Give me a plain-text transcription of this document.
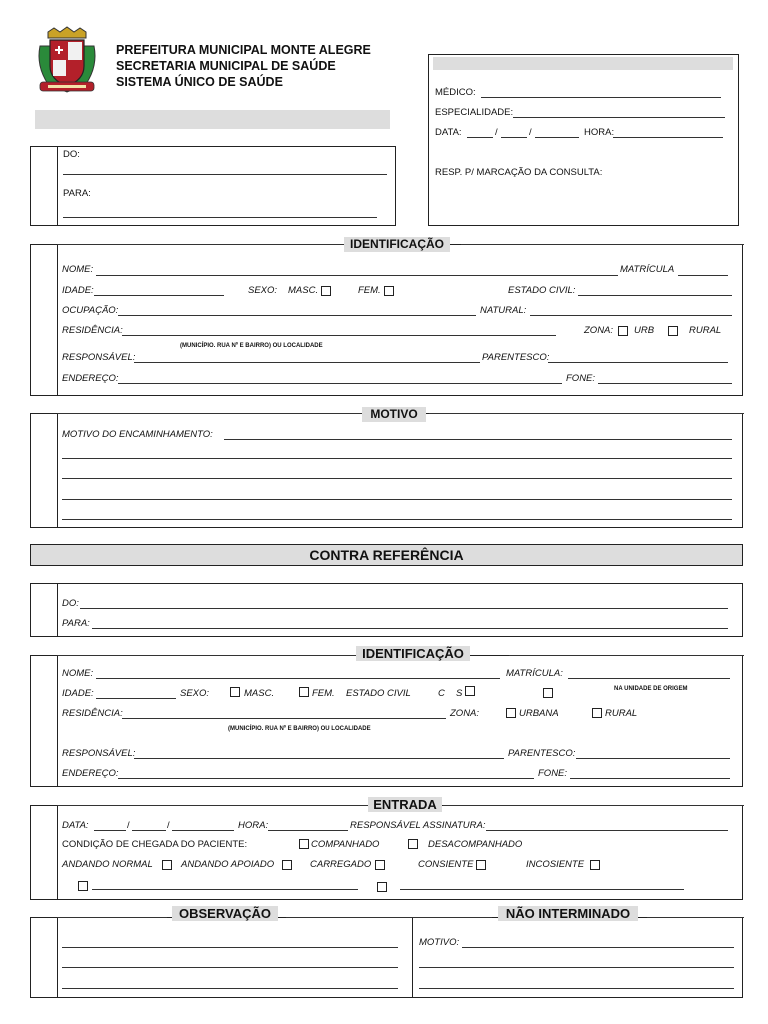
PREFEITURA MUNICIPAL MONTE ALEGRE
SECRETARIA MUNICIPAL DE SAÚDE
SISTEMA ÚNICO DE SAÚDE
DO:
PARA:
MÉDICO:
ESPECIALIDADE:
DATA:	/	/	HORA:
RESP. P/ MARCAÇÃO DA CONSULTA:
IDENTIFICAÇÃO
NOME:	MATRÍCULA
IDADE:	SEXO: MASC.	FEM.	ESTADO CIVIL:
OCUPAÇÃO:	NATURAL:
RESIDÊNCIA:	ZONA: URB	RURAL
(MUNICÍPIO. RUA Nº E BAIRRO) OU LOCALIDADE
RESPONSÁVEL:	PARENTESCO:
ENDEREÇO:	FONE:
MOTIVO
MOTIVO DO ENCAMINHAMENTO:
CONTRA REFERÊNCIA
DO:
PARA:
IDENTIFICAÇÃO
NOME:	MATRÍCULA:
IDADE:	SEXO:	MASC.	FEM. ESTADO CIVIL	C S	NA UNIDADE DE ORIGEM
RESIDÊNCIA:	ZONA:	URBANA	RURAL
(MUNICÍPIO. RUA Nº E BAIRRO) OU LOCALIDADE
RESPONSÁVEL:	PARENTESCO:
ENDEREÇO:	FONE:
ENTRADA
DATA:	/	/	HORA:	RESPONSÁVEL ASSINATURA:
CONDIÇÃO DE CHEGADA DO PACIENTE:	COMPANHADO	DESACOMPANHADO
ANDANDO NORMAL	ANDANDO APOIADO	CARREGADO	CONSIENTE	INCOSIENTE
OBSERVAÇÃO	NÃO INTERMINADO
MOTIVO:
